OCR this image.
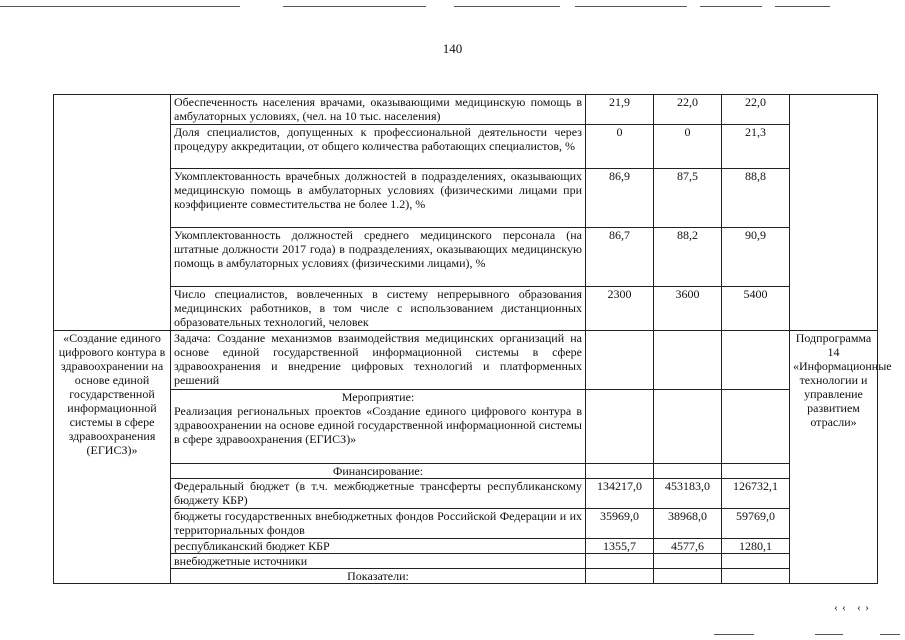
140
	Обеспеченность населения врачами, оказывающими медицинскую помощь в амбулаторных условиях, (чел. на 10 тыс. населения)	21,9	22,0	22,0	
	Доля специалистов, допущенных к профессиональной деятельности через процедуру аккредитации, от общего количества работающих специалистов, %	0	0	21,3	
	Укомплектованность врачебных должностей в подразделениях, оказывающих медицинскую помощь в амбулаторных условиях (физическими лицами при коэффициенте совместительства не более 1.2), %	86,9	87,5	88,8	
	Укомплектованность должностей среднего медицинского персонала (на штатные должности 2017 года) в подразделениях, оказывающих медицинскую помощь в амбулаторных условиях (физическими лицами), %	86,7	88,2	90,9	
	Число специалистов, вовлеченных в систему непрерывного образования медицинских работников, в том числе с использованием дистанционных образовательных технологий, человек	2300	3600	5400	
«Создание единого цифрового контура в здравоохранении на основе единой государственной информационной системы в сфере здравоохранения (ЕГИСЗ)»	Задача: Создание механизмов взаимодействия медицинских организаций на основе единой государственной информационной системы в сфере здравоохранения и внедрение цифровых технологий и платформенных решений				Подпрограмма 14 «Информационные технологии и управление развитием отрасли»

	Мероприятие:
Реализация региональных проектов «Создание единого цифрового контура в здравоохранении на основе единой государственной информационной системы в сфере здравоохранения (ЕГИСЗ)»				

	Финансирование:				
	Федеральный бюджет (в т.ч. межбюджетные трансферты республиканскому бюджету КБР)	134217,0	453183,0	126732,1	
	бюджеты государственных внебюджетных фондов Российской Федерации и их территориальных фондов	35969,0	38968,0	59769,0	
	республиканский бюджет КБР	1355,7	4577,6	1280,1	
	внебюджетные источники				
	Показатели:				
‹‹ ‹›
